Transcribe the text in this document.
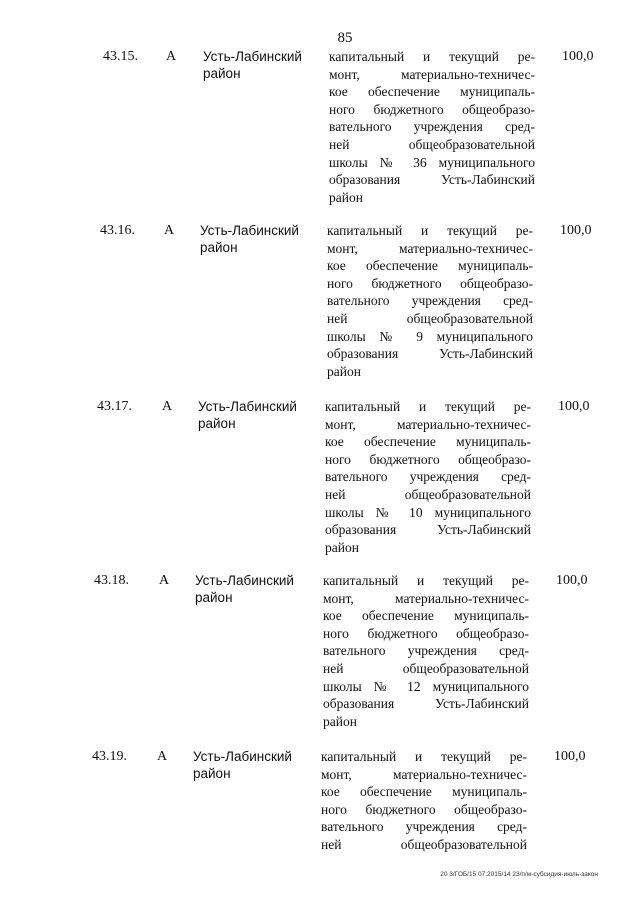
85
43.15. А Усть-Лабинский
район
капитальный и текущий ре-
монт, материально-техничес-
кое обеспечение муниципаль-
ного бюджетного общеобразо-
вательного учреждения сред-
ней общеобразовательной
школы № 36 муниципального
образования Усть-Лабинский
район
100,0
43.16. А Усть-Лабинский
район
капитальный и текущий ре-
монт, материально-техничес-
кое обеспечение муниципаль-
ного бюджетного общеобразо-
вательного учреждения сред-
ней общеобразовательной
школы № 9 муниципального
образования Усть-Лабинский
район
100,0
43.17. А Усть-Лабинский
район
капитальный и текущий ре-
монт, материально-техничес-
кое обеспечение муниципаль-
ного бюджетного общеобразо-
вательного учреждения сред-
ней общеобразовательной
школы № 10 муниципального
образования Усть-Лабинский
район
100,0
43.18. А Усть-Лабинский
район
капитальный и текущий ре-
монт, материально-техничес-
кое обеспечение муниципаль-
ного бюджетного общеобразо-
вательного учреждения сред-
ней общеобразовательной
школы № 12 муниципального
образования Усть-Лабинский
район
100,0
43.19. А Усть-Лабинский
район
капитальный и текущий ре-
монт, материально-техничес-
кое обеспечение муниципаль-
ного бюджетного общеобразо-
вательного учреждения сред-
ней общеобразовательной
100,0
20 3/ГОБ/15 07.2015/14 23/п/м-субсидия-июль-закон
